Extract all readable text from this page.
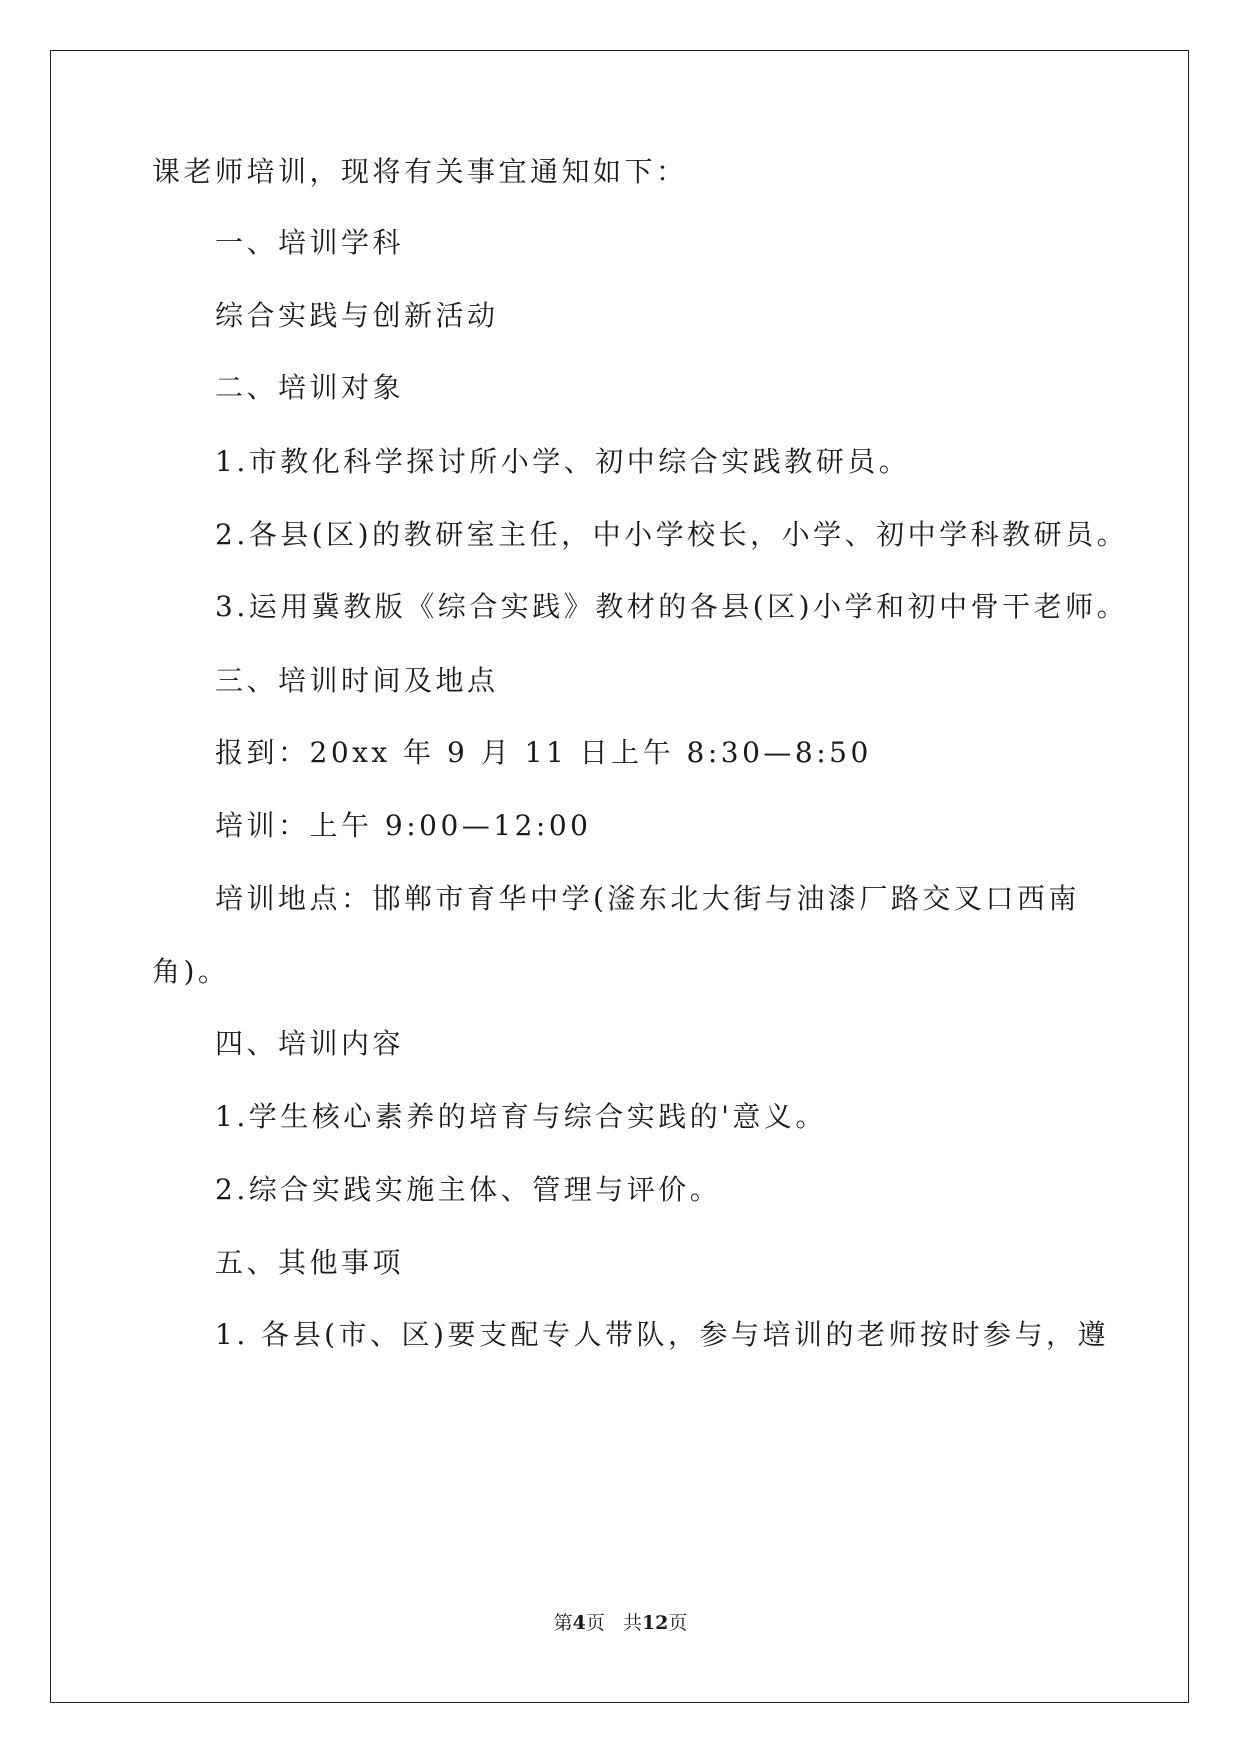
课老师培训，现将有关事宜通知如下：
一、培训学科
综合实践与创新活动
二、培训对象
1.市教化科学探讨所小学、初中综合实践教研员。
2.各县(区)的教研室主任，中小学校长，小学、初中学科教研员。
3.运用冀教版《综合实践》教材的各县(区)小学和初中骨干老师。
三、培训时间及地点
报到：20xx 年 9 月 11 日上午 8:30—8:50
培训：上午 9:00—12:00
培训地点：邯郸市育华中学(滏东北大街与油漆厂路交叉口西南
角)。
四、培训内容
1.学生核心素养的培育与综合实践的'意义。
2.综合实践实施主体、管理与评价。
五、其他事项
1. 各县(市、区)要支配专人带队，参与培训的老师按时参与，遵
第4页   共12页
